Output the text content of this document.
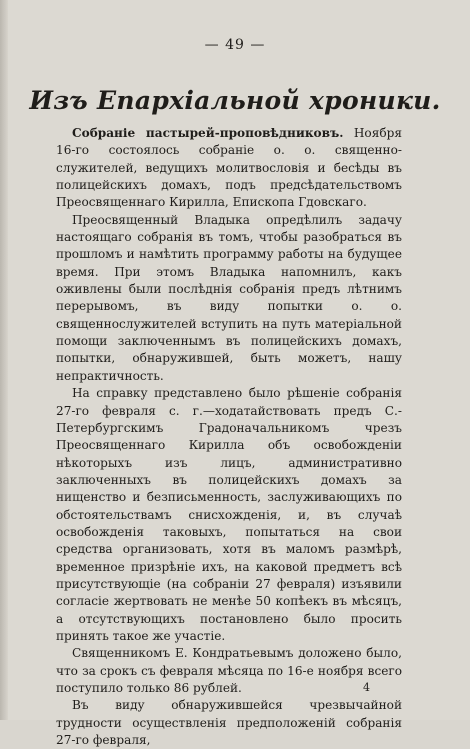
— 49 —
Изъ Епархіальной хроники.

Собраніе пастырей-проповѣдниковъ. Ноября 16-го состоялось собраніе о. о. священно-служителей, ведущихъ молитвословія и бесѣды въ полицейскихъ домахъ, подъ предсѣдательствомъ Преосвященнаго Кирилла, Епископа Гдовскаго.

Преосвященный Владыка опредѣлилъ задачу настоящаго собранія въ томъ, чтобы разобраться въ прошломъ и намѣтить программу работы на будущее время. При этомъ Владыка напомнилъ, какъ оживлены были послѣднія собранія предъ лѣтнимъ перерывомъ, въ виду попытки о. о. священнослужителей вступить на путь матеріальной помощи заключеннымъ въ полицейскихъ домахъ, попытки, обнаружившей, быть можетъ, нашу непрактичность.

На справку представлено было рѣшеніе собранія 27-го февраля с. г.—ходатайствовать предъ С.-Петербургскимъ Градоначальникомъ чрезъ Преосвященнаго Кирилла объ освобожденіи нѣкоторыхъ изъ лицъ, административно заключенныхъ въ полицейскихъ домахъ за нищенство и безписьменность, заслуживающихъ по обстоятельствамъ снисхожденія, и, въ случаѣ освобожденія таковыхъ, попытаться на свои средства организовать, хотя въ маломъ размѣрѣ, временное призрѣніе ихъ, на каковой предметъ всѣ присутствующіе (на собраніи 27 февраля) изъявили согласіе жертвовать не менѣе 50 копѣекъ въ мѣсяцъ, а отсутствующихъ постановлено было просить принять такое же участіе.

Священникомъ Е. Кондратьевымъ доложено было, что за срокъ съ февраля мѣсяца по 16-е ноября всего поступило только 86 рублей.

Въ виду обнаружившейся чрезвычайной трудности осуществленія предположеній собранія 27-го февраля,

4
